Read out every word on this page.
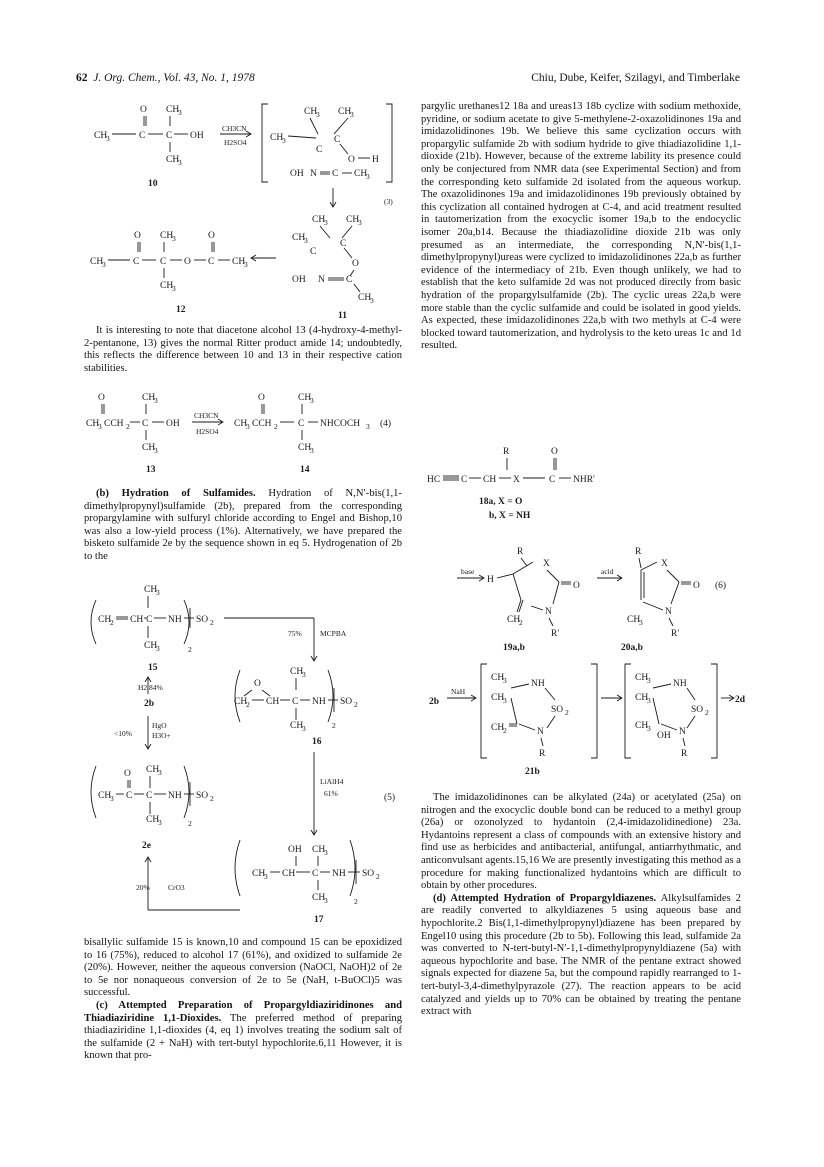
62 J. Org. Chem., Vol. 43, No. 1, 1978	Chiu, Dube, Keifer, Szilagyi, and Timberlake
O CH
3
CH
3	C C OH
CH
3
10
CH3CN
H2SO4
CH
3 CH
3
CH
3
C
C
O H
OH N C CH
3
(3)
CH
3 CH
3
CH
3
C
C
O
OH N C
CH
3
11
O CH
3	O
CH
3	C C O C CH
3
CH
3
12

It is interesting to note that diacetone alcohol 13 (4-hydroxy-4-methyl-2-pentanone, 13) gives the normal Ritter product amide 14; undoubtedly, this reflects the difference between 10 and 13 in their respective cation stabilities.

O	CH
3
CH
3 CCH 2 C OH
CH
3
13
CH3CN
H2SO4
O	CH
3
CH
3 CCH 2 C NHCOCH 3 (4)
CH
3
14

(b) Hydration of Sulfamides. Hydration of N,N′-bis(1,1-dimethylpropynyl)sulfamide (2b), prepared from the corresponding propargylamine with sulfuryl chloride according to Engel and Bishop,10 was also a low-yield process (1%). Alternatively, we have prepared the bisketo sulfamide 2e by the sequence shown in eq 5. Hydrogenation of 2b to the

CH
3
CH
2 CH C NH SO 2
CH
3	2
15
75% MCPBA
H2 84%
2b
<10%
HgO
H3O+
O
CH
2 CH
CH
3
C NH SO 2
CH
3	2
16
LiAlH4
61%	(5)
O CH
3
CH
3 C C NH SO 2
CH
3	2
2e	OH CH
3
CH
3 CH C NH SO 2
CH
3	2
17
20% CrO3

bisallylic sulfamide 15 is known,10 and compound 15 can be epoxidized to 16 (75%), reduced to alcohol 17 (61%), and oxidized to sulfamide 2e (20%). However, neither the aqueous conversion (NaOCl, NaOH)2 of 2e to 5e nor nonaqueous conversion of 2e to 5e (NaH, t-BuOCl)5 was successful.

(c) Attempted Preparation of Propargyldiaziridinones and Thiadiaziridine 1,1-Dioxides. The preferred method of preparing thiadiaziridine 1,1-dioxides (4, eq 1) involves treating the sodium salt of the sulfamide (2 + NaH) with tert-butyl hypochlorite.6,11 However, it is known that pro-

pargylic urethanes12 18a and ureas13 18b cyclize with sodium methoxide, pyridine, or sodium acetate to give 5-methylene-2-oxazolidinones 19a and imidazolidinones 19b. We believe this same cyclization occurs with propargylic sulfamide 2b with sodium hydride to give thiadiazolidine 1,1-dioxide (21b). However, because of the extreme lability its presence could only be conjectured from NMR data (see Experimental Section) and from the corresponding keto sulfamide 2d isolated from the aqueous workup. The oxazolidinones 19a and imidazolidinones 19b previously obtained by this cyclization all contained hydrogen at C-4, and acid treatment resulted in tautomerization from the exocyclic isomer 19a,b to the endocyclic isomer 20a,b14. Because the thiadiazolidine dioxide 21b was only presumed as an intermediate, the corresponding N,N′-bis(1,1-dimethylpropynyl)ureas were cyclized to imidazolidinones 22a,b as further evidence of the intermediacy of 21b. Even though unlikely, we had to establish that the keto sulfamide 2d was not produced directly from basic hydration of the propargylsulfamide (2b). The cyclic ureas 22a,b were more stable than the cyclic sulfamide and could be isolated in good yields. As expected, these imidazolidinones 22a,b with two methyls at C-4 were blocked toward tautomerization, and hydrolysis to the keto ureas 1c and 1d resulted.

R	O
HC C CH X	C NHR′
18a, X = O
b, X = NH
R
X
H
O
N
CH
2
R′
base	acid
R
X
O
N
CH
3
R′
(6)
19a,b	20a,b
2b
NaH
CH
3	NH
CH
3
SO 2
CH
2	N
R
CH
3 NH
CH
3
SO 2
CH
3
OH N
R
2d
21b

The imidazolidinones can be alkylated (24a) or acetylated (25a) on nitrogen and the exocyclic double bond can be reduced to a methyl group (26a) or ozonolyzed to hydantoin (2,4-imidazolidinedione) 23a. Hydantoins represent a class of compounds with an extensive history and find use as herbicides and antibacterial, antifungal, antiarrhythmatic, and anticonvulsant agents.15,16 We are presently investigating this method as a procedure for making functionalized hydantoins which are difficult to obtain by other procedures.

(d) Attempted Hydration of Propargyldiazenes. Alkylsulfamides 2 are readily converted to alkyldiazenes 5 using aqueous base and hypochlorite.2 Bis(1,1-dimethylpropynyl)diazene has been prepared by Engel10 using this procedure (2b to 5b). Following this lead, sulfamide 2a was converted to N-tert-butyl-N′-1,1-dimethylpropynyldiazene (5a) with aqueous hypochlorite and base. The NMR of the pentane extract showed signals expected for diazene 5a, but the compound rapidly rearranged to 1-tert-butyl-3,4-dimethylpyrazole (27). The reaction appears to be acid catalyzed and yields up to 70% can be obtained by treating the pentane extract with
